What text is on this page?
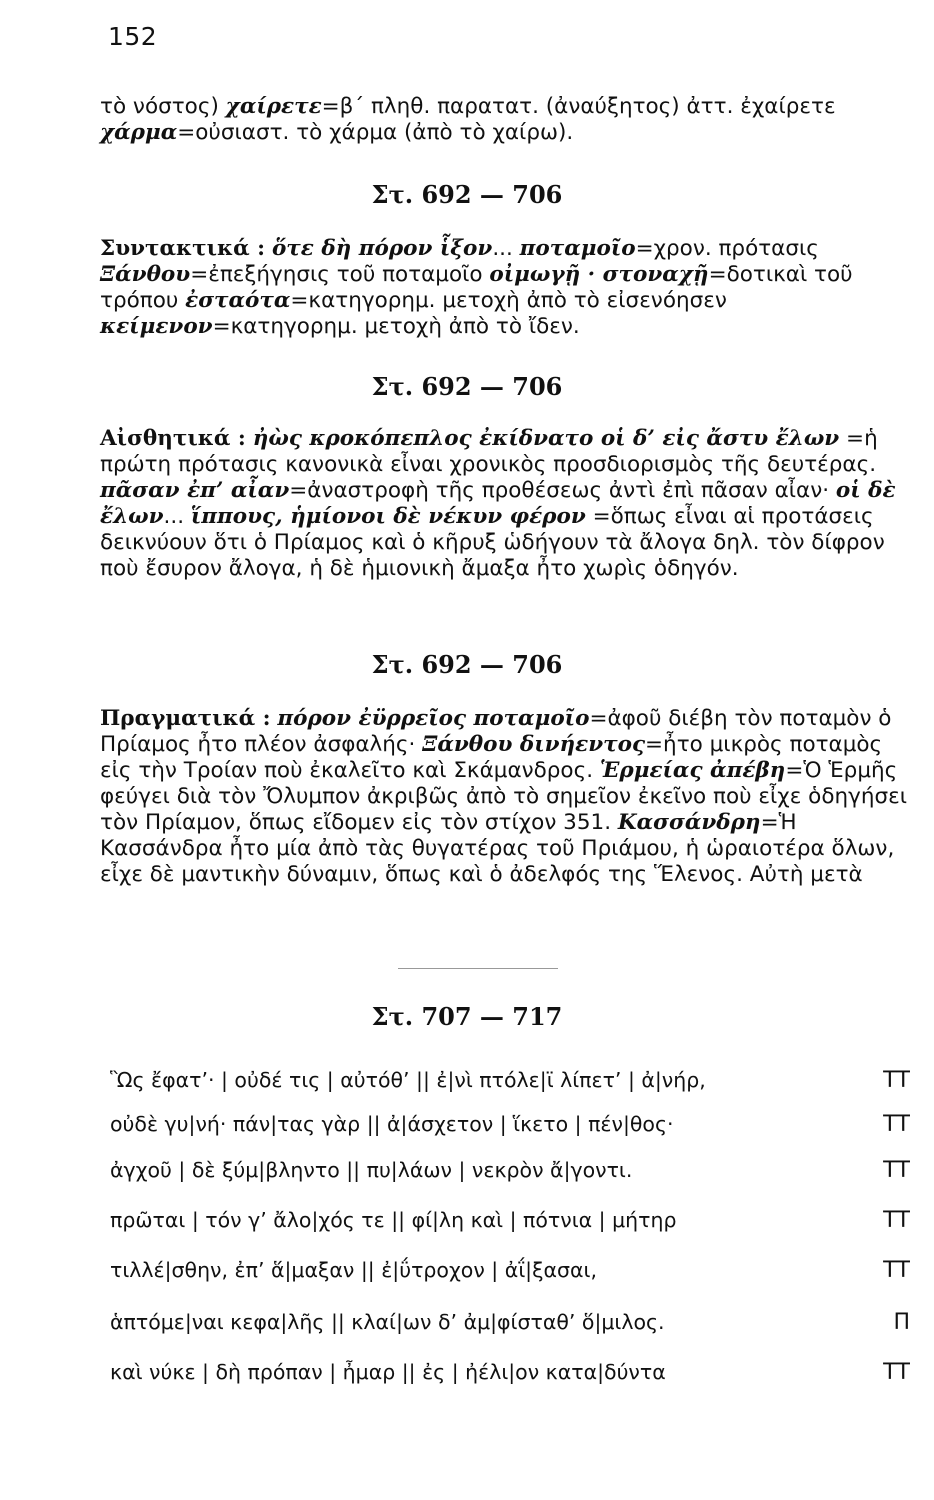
152

τὸ νόστος) χαίρετε=β΄ πληθ. παρατατ. (ἀναύξητος) ἀττ. ἐχαίρετε χάρμα=οὐσιαστ. τὸ χάρμα (ἀπὸ τὸ χαίρω).

Στ. 692 — 706

Συντακτικά : ὅτε δὴ πόρον ἷξον... ποταμοῖο=χρον. πρότασις Ξάνθου=ἐπεξήγησις τοῦ ποταμοῖο οἰμωγῇ · στοναχῇ=δοτικαὶ τοῦ τρόπου ἐσταότα=κατηγορημ. μετοχὴ ἀπὸ τὸ εἰσενόησεν κείμενον=κατηγορημ. μετοχὴ ἀπὸ τὸ ἴδεν.

Στ. 692 — 706

Αἰσθητικά : ἠὼς κροκόπεπλος ἐκίδνατο οἱ δ’ εἰς ἄστυ ἔλων =ἡ πρώτη πρότασις κανονικὰ εἶναι χρονικὸς προσδιορισμὸς τῆς δευτέρας. πᾶσαν ἐπ’ αἶαν=ἀναστροφὴ τῆς προθέσεως ἀντὶ ἐπὶ πᾶσαν αἶαν· οἱ δὲ ἔλων... ἵππους, ἡμίονοι δὲ νέκυν φέρον =ὅπως εἶναι αἱ προτάσεις δεικνύουν ὅτι ὁ Πρίαμος καὶ ὁ κῆρυξ ὡδήγουν τὰ ἄλογα δηλ. τὸν δίφρον ποὺ ἔσυρον ἄλογα, ἡ δὲ ἡμιονικὴ ἄμαξα ἦτο χωρὶς ὁδηγόν.

Στ. 692 — 706

Πραγματικά : πόρον ἐϋρρεῖος ποταμοῖο=ἀφοῦ διέβη τὸν ποταμὸν ὁ Πρίαμος ἦτο πλέον ἀσφαλής· Ξάνθου δινήεντος=ἦτο μικρὸς ποταμὸς εἰς τὴν Τροίαν ποὺ ἐκαλεῖτο καὶ Σκάμανδρος. Ἑρμείας ἀπέβη=Ὁ Ἑρμῆς φεύγει διὰ τὸν Ὄλυμπον ἀκριβῶς ἀπὸ τὸ σημεῖον ἐκεῖνο ποὺ εἶχε ὁδηγήσει τὸν Πρίαμον, ὅπως εἴδομεν εἰς τὸν στίχον 351. Κασσάνδρη=Ἡ Κασσάνδρα ἦτο μία ἀπὸ τὰς θυγατέρας τοῦ Πριάμου, ἡ ὡραιοτέρα ὅλων, εἶχε δὲ μαντικὴν δύναμιν, ὅπως καὶ ὁ ἀδελφός της Ἕλενος. Αὐτὴ μετὰ

Στ. 707 — 717
Ὣς ἔφατ’· | οὐδέ τις | αὐτόθ’ || ἐ|νὶ πτόλε|ϊ λίπετ’ | ἀ|νήρ,	ΤΤ
οὐδὲ γυ|νή· πάν|τας γὰρ || ἀ|άσχετον | ἵκετο | πέν|θος·	ΤΤ
ἀγχοῦ | δὲ ξύμ|βληντο || πυ|λάων | νεκρὸν ἄ|γοντι.	ΤΤ
πρῶται | τόν γ’ ἄλο|χός τε || φί|λη καὶ | πότνια | μήτηρ	ΤΤ
τιλλέ|σθην, ἐπ’ ἅ|μαξαν || ἐ|ΰτροχον | ἀΐ|ξασαι,	ΤΤ
ἁπτόμε|ναι κεφα|λῆς || κλαί|ων δ’ ἀμ|φίσταθ’ ὅ|μιλος.	Π
καὶ νύκε | δὴ πρόπαν | ἦμαρ || ἐς | ἠέλι|ον κατα|δύντα	ΤΤ
